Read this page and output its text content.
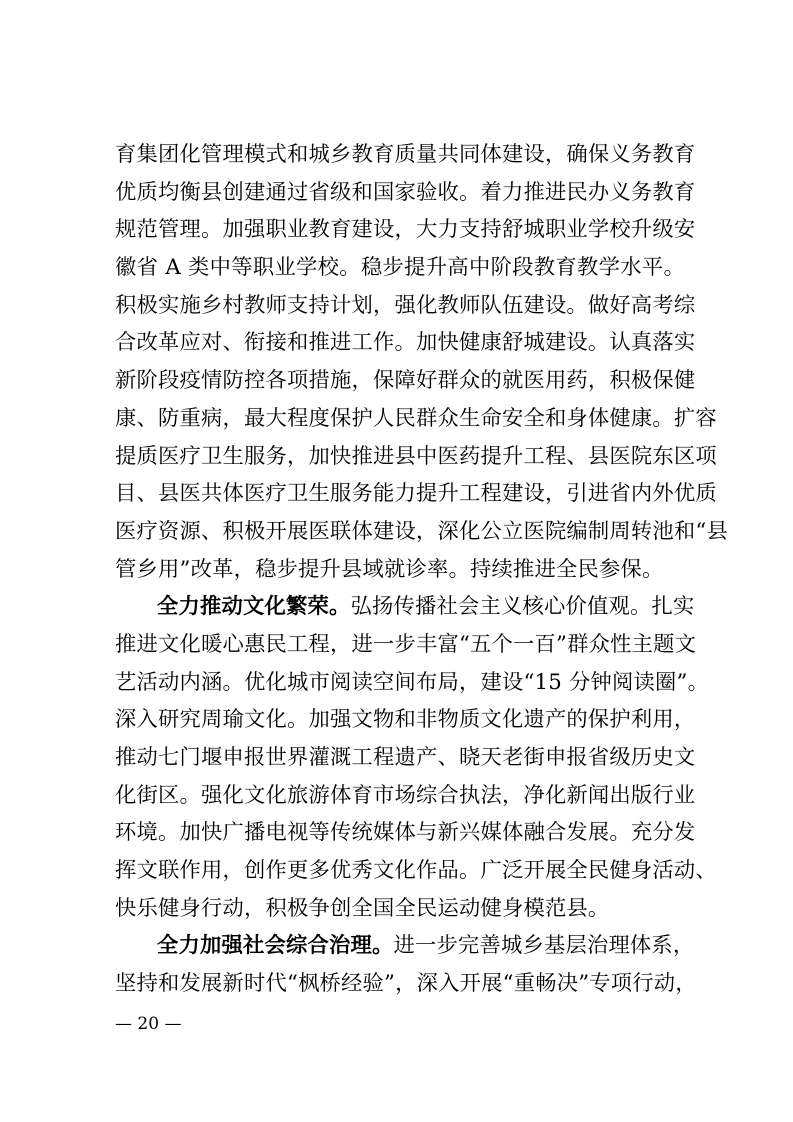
育集团化管理模式和城乡教育质量共同体建设，确保义务教育
优质均衡县创建通过省级和国家验收。着力推进民办义务教育
规范管理。加强职业教育建设，大力支持舒城职业学校升级安
徽省 A 类中等职业学校。稳步提升高中阶段教育教学水平。
积极实施乡村教师支持计划，强化教师队伍建设。做好高考综
合改革应对、衔接和推进工作。加快健康舒城建设。认真落实
新阶段疫情防控各项措施，保障好群众的就医用药，积极保健
康、防重病，最大程度保护人民群众生命安全和身体健康。扩容
提质医疗卫生服务，加快推进县中医药提升工程、县医院东区项
目、县医共体医疗卫生服务能力提升工程建设，引进省内外优质
医疗资源、积极开展医联体建设，深化公立医院编制周转池和“县
管乡用”改革，稳步提升县域就诊率。持续推进全民参保。
全力推动文化繁荣。弘扬传播社会主义核心价值观。扎实
推进文化暖心惠民工程，进一步丰富“五个一百”群众性主题文
艺活动内涵。优化城市阅读空间布局，建设“15 分钟阅读圈”。
深入研究周瑜文化。加强文物和非物质文化遗产的保护利用，
推动七门堰申报世界灌溉工程遗产、晓天老街申报省级历史文
化街区。强化文化旅游体育市场综合执法，净化新闻出版行业
环境。加快广播电视等传统媒体与新兴媒体融合发展。充分发
挥文联作用，创作更多优秀文化作品。广泛开展全民健身活动、
快乐健身行动，积极争创全国全民运动健身模范县。
全力加强社会综合治理。进一步完善城乡基层治理体系，
坚持和发展新时代“枫桥经验”，深入开展“重畅决”专项行动，
— 20 —
